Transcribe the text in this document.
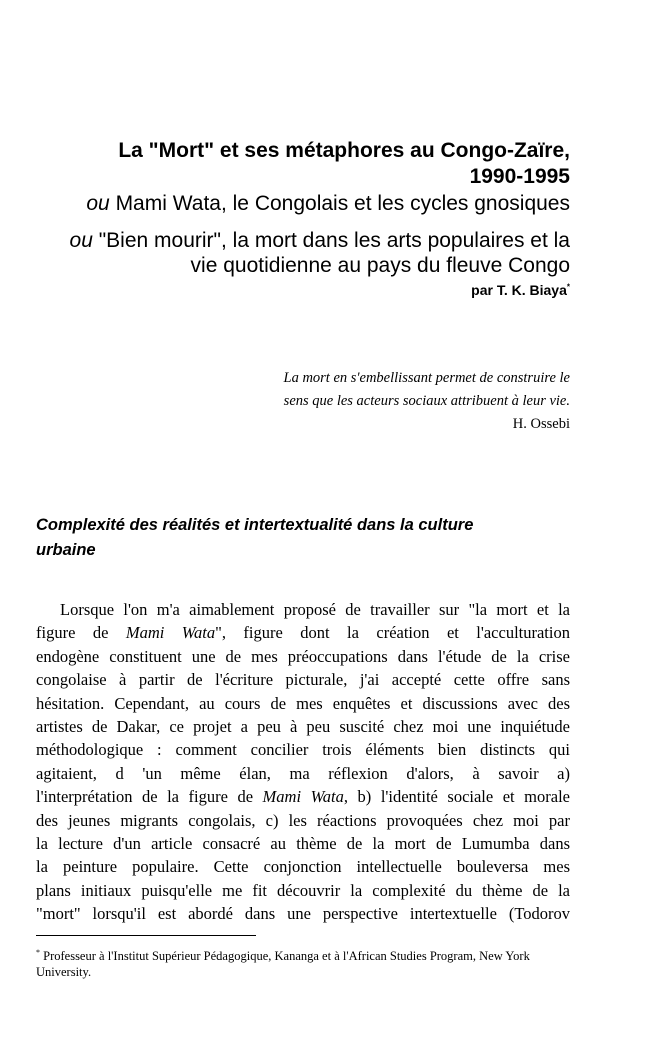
La "Mort" et ses métaphores au Congo-Zaïre,
1990-1995
ou Mami Wata, le Congolais et les cycles gnosiques
ou "Bien mourir", la mort dans les arts populaires et la
vie quotidienne au pays du fleuve Congo
par T. K. Biaya*
La mort en s'embellissant permet de construire le
sens que les acteurs sociaux attribuent à leur vie.
H. Ossebi
Complexité des réalités et intertextualité dans la culture
urbaine
Lorsque l'on m'a aimablement proposé de travailler sur "la mort et la
figure de Mami Wata", figure dont la création et l'acculturation
endogène constituent une de mes préoccupations dans l'étude de la crise
congolaise à partir de l'écriture picturale, j'ai accepté cette offre sans
hésitation. Cependant, au cours de mes enquêtes et discussions avec des
artistes de Dakar, ce projet a peu à peu suscité chez moi une inquiétude
méthodologique : comment concilier trois éléments bien distincts qui
agitaient, d 'un même élan, ma réflexion d'alors, à savoir a)
l'interprétation de la figure de Mami Wata, b) l'identité sociale et morale
des jeunes migrants congolais, c) les réactions provoquées chez moi par
la lecture d'un article consacré au thème de la mort de Lumumba dans
la peinture populaire. Cette conjonction intellectuelle bouleversa mes
plans initiaux puisqu'elle me fit découvrir la complexité du thème de la
"mort" lorsqu'il est abordé dans une perspective intertextuelle (Todorov
* Professeur à l'Institut Supérieur Pédagogique, Kananga et à l'African Studies Program, New York University.
